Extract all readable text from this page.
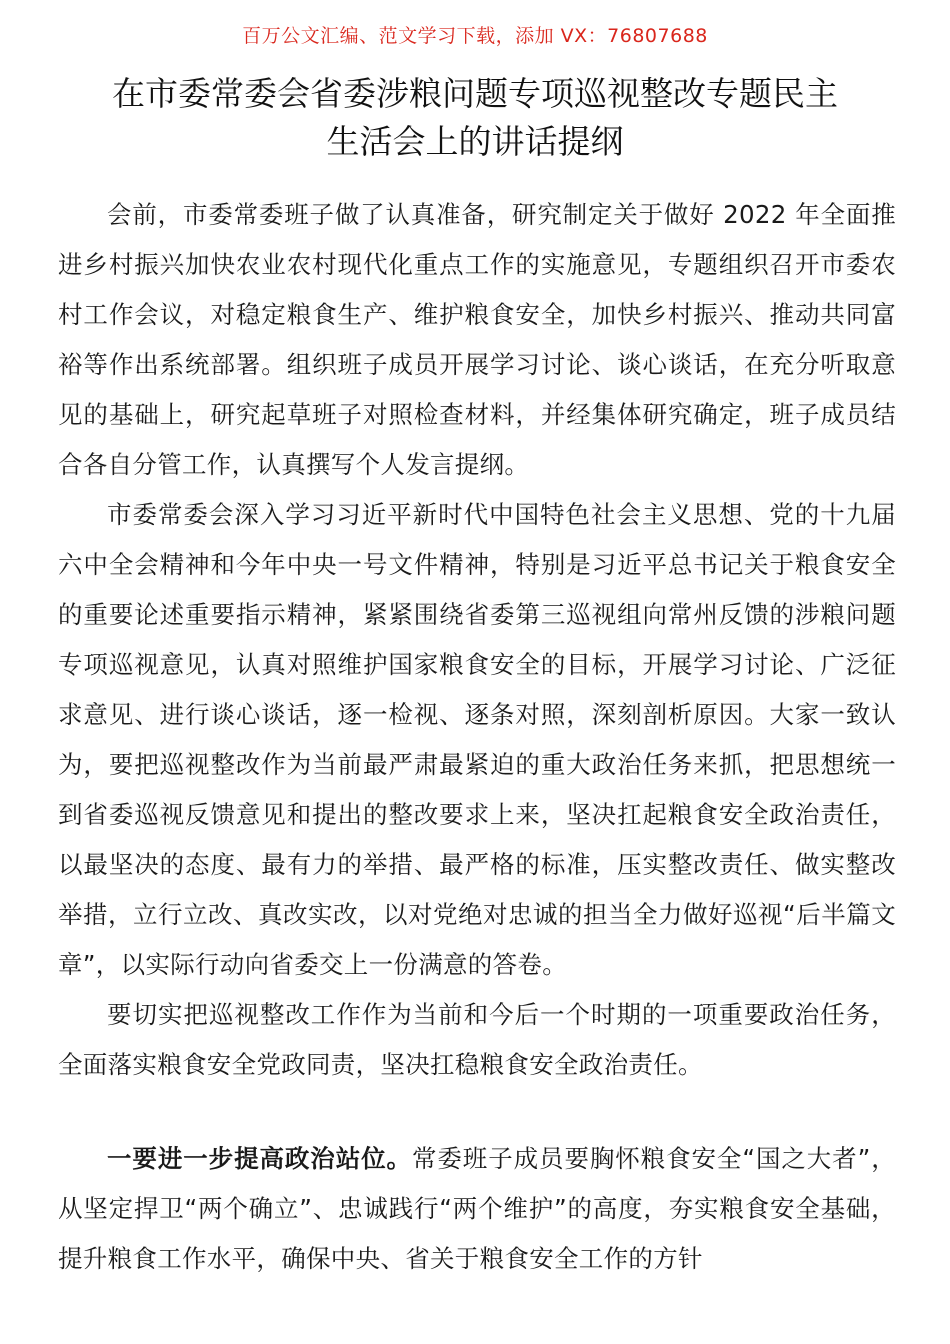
百万公文汇编、范文学习下载，添加 VX：76807688
在市委常委会省委涉粮问题专项巡视整改专题民主
生活会上的讲话提纲

会前，市委常委班子做了认真准备，研究制定关于做好 2022 年全面推进乡村振兴加快农业农村现代化重点工作的实施意见，专题组织召开市委农村工作会议，对稳定粮食生产、维护粮食安全，加快乡村振兴、推动共同富裕等作出系统部署。组织班子成员开展学习讨论、谈心谈话，在充分听取意见的基础上，研究起草班子对照检查材料，并经集体研究确定，班子成员结合各自分管工作，认真撰写个人发言提纲。

市委常委会深入学习习近平新时代中国特色社会主义思想、党的十九届六中全会精神和今年中央一号文件精神，特别是习近平总书记关于粮食安全的重要论述重要指示精神，紧紧围绕省委第三巡视组向常州反馈的涉粮问题专项巡视意见，认真对照维护国家粮食安全的目标，开展学习讨论、广泛征求意见、进行谈心谈话，逐一检视、逐条对照，深刻剖析原因。大家一致认为，要把巡视整改作为当前最严肃最紧迫的重大政治任务来抓，把思想统一到省委巡视反馈意见和提出的整改要求上来，坚决扛起粮食安全政治责任，以最坚决的态度、最有力的举措、最严格的标准，压实整改责任、做实整改举措，立行立改、真改实改，以对党绝对忠诚的担当全力做好巡视“后半篇文章”，以实际行动向省委交上一份满意的答卷。

要切实把巡视整改工作作为当前和今后一个时期的一项重要政治任务，全面落实粮食安全党政同责，坚决扛稳粮食安全政治责任。

一要进一步提高政治站位。常委班子成员要胸怀粮食安全“国之大者”，从坚定捍卫“两个确立”、忠诚践行“两个维护”的高度，夯实粮食安全基础，提升粮食工作水平，确保中央、省关于粮食安全工作的方针
